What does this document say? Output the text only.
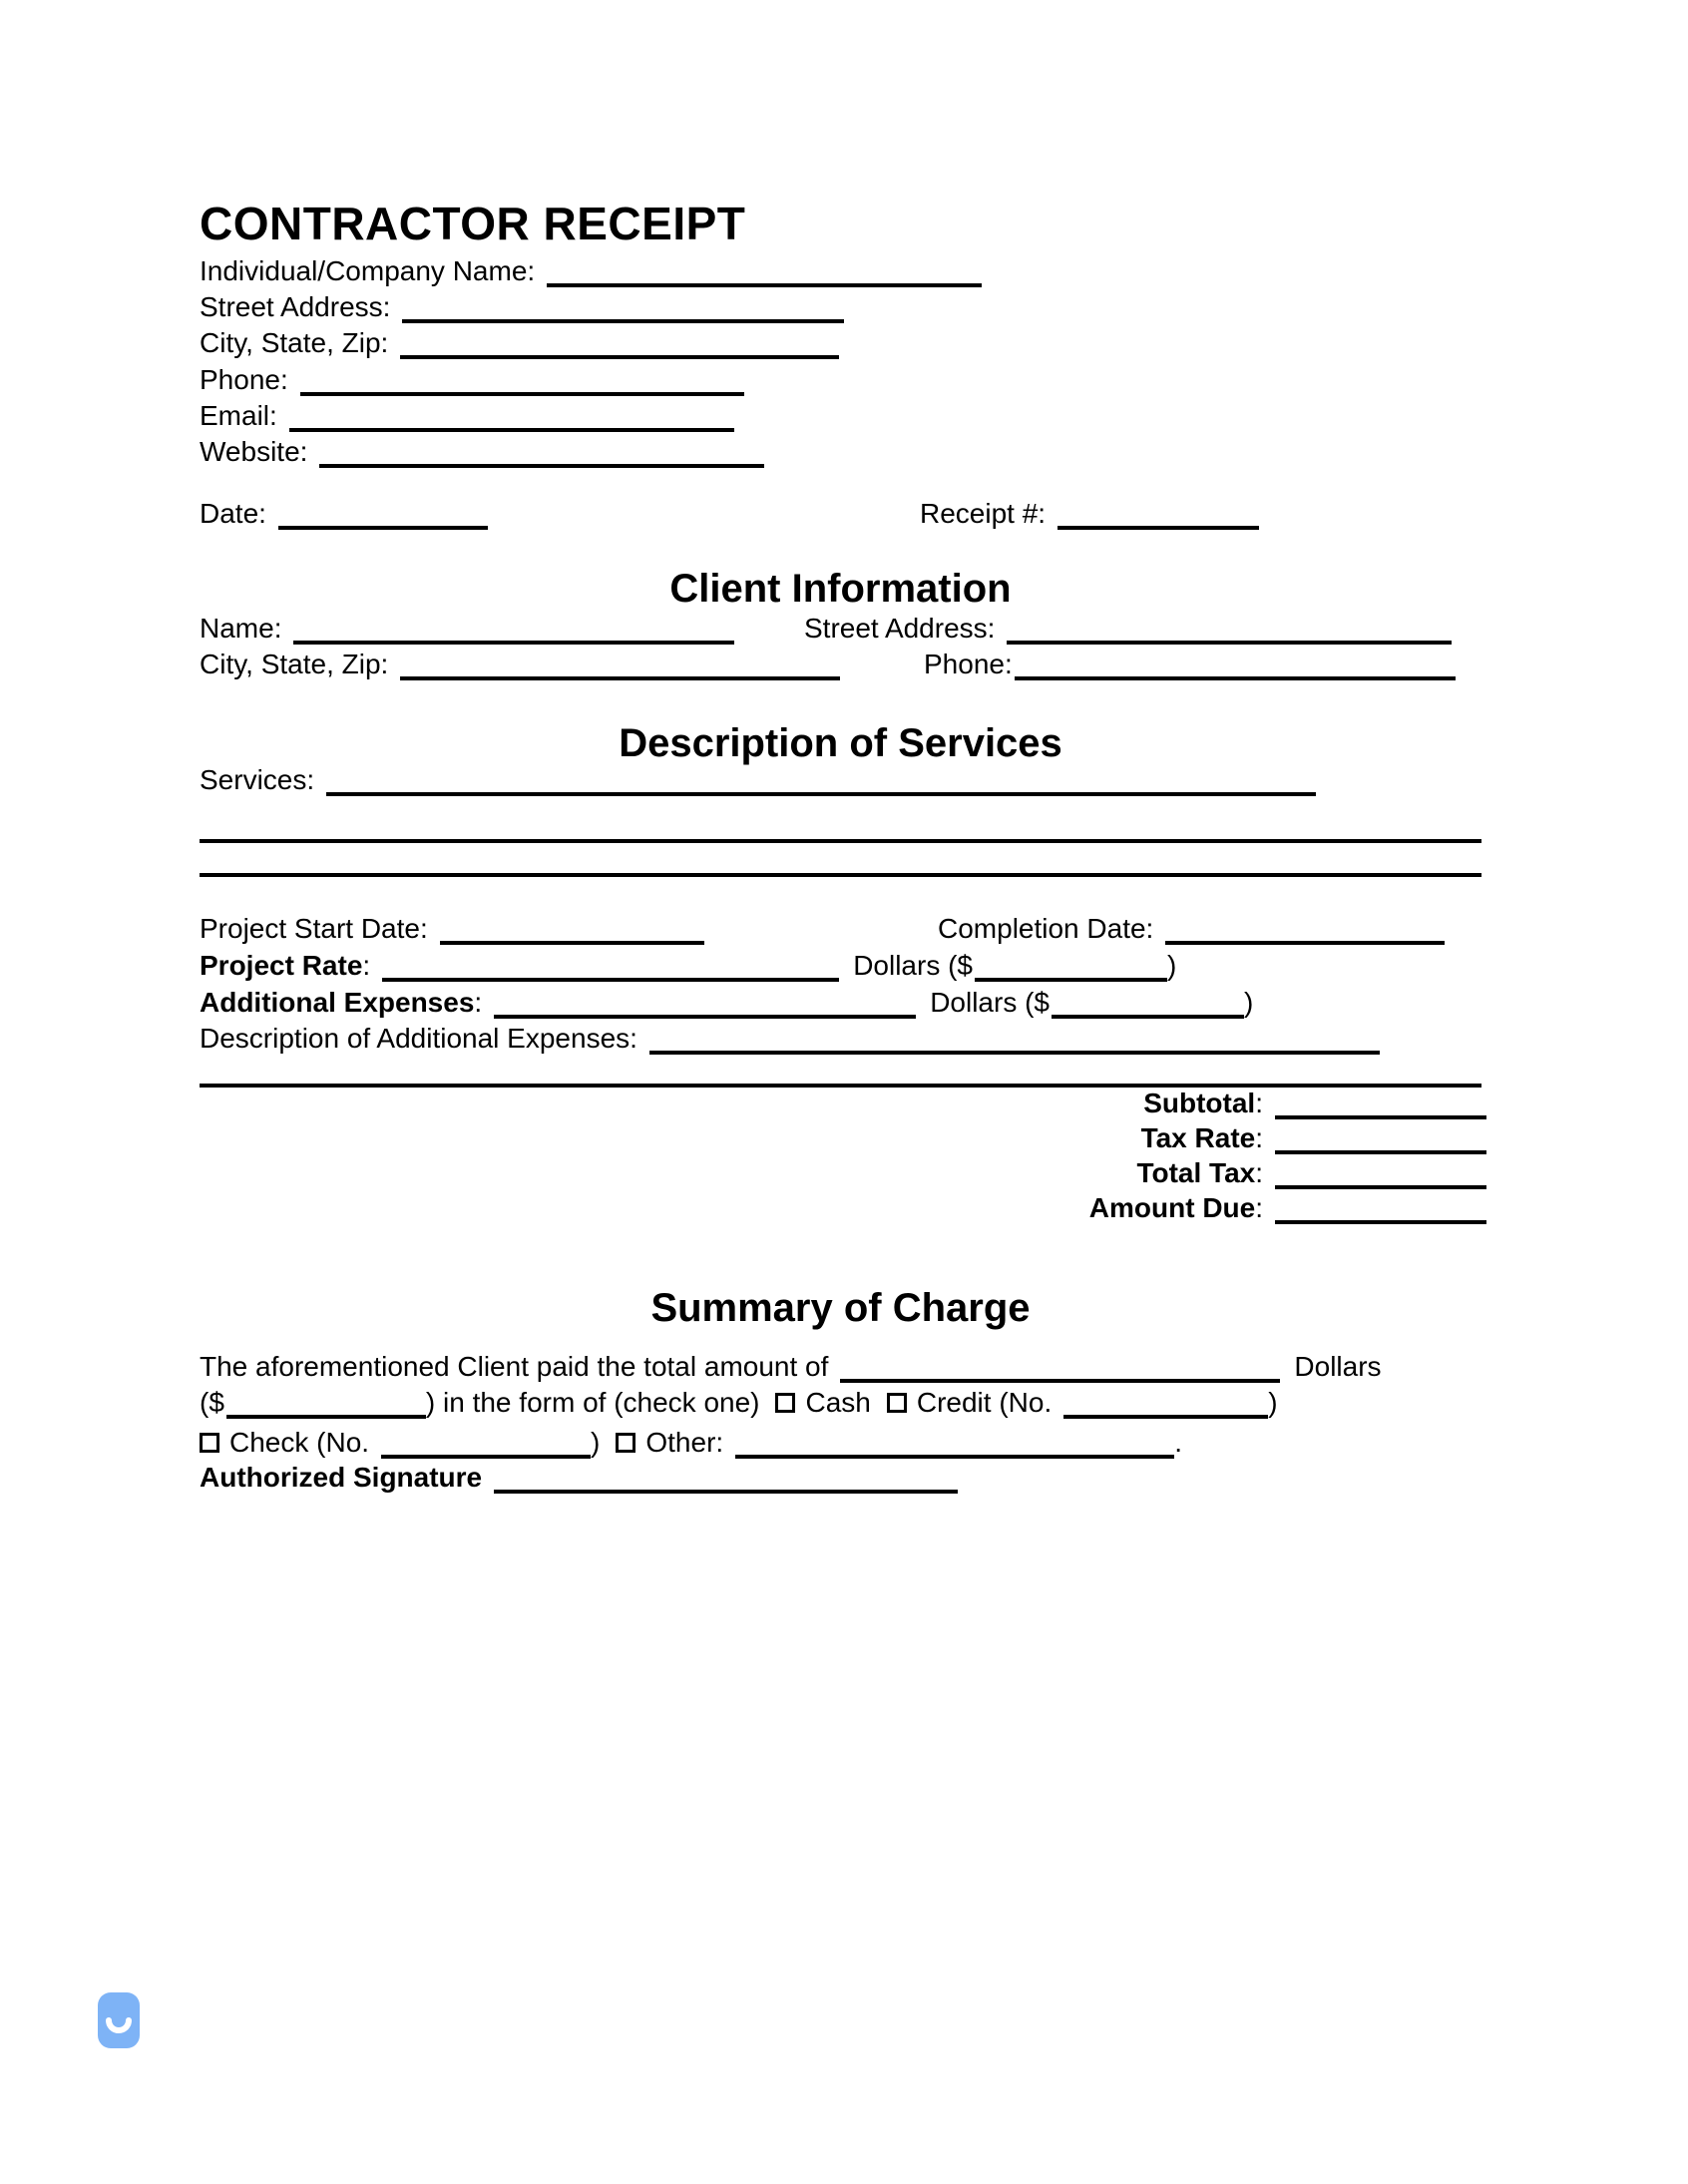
CONTRACTOR RECEIPT
Individual/Company Name:
Street Address:
City, State, Zip:
Phone:
Email:
Website:
Date:	Receipt #:
Client Information
Name:	Street Address:
City, State, Zip:	Phone:
Description of Services
Services:
Project Start Date:	Completion Date:
Project Rate:	Dollars ($	)
Additional Expenses:	Dollars ($	)
Description of Additional Expenses:
Subtotal:
Tax Rate:
Total Tax:
Amount Due:
Summary of Charge
The aforementioned Client paid the total amount of	Dollars
($	) in the form of (check one) Cash Credit (No.	)
Check (No.	) Other:	.
Authorized Signature
